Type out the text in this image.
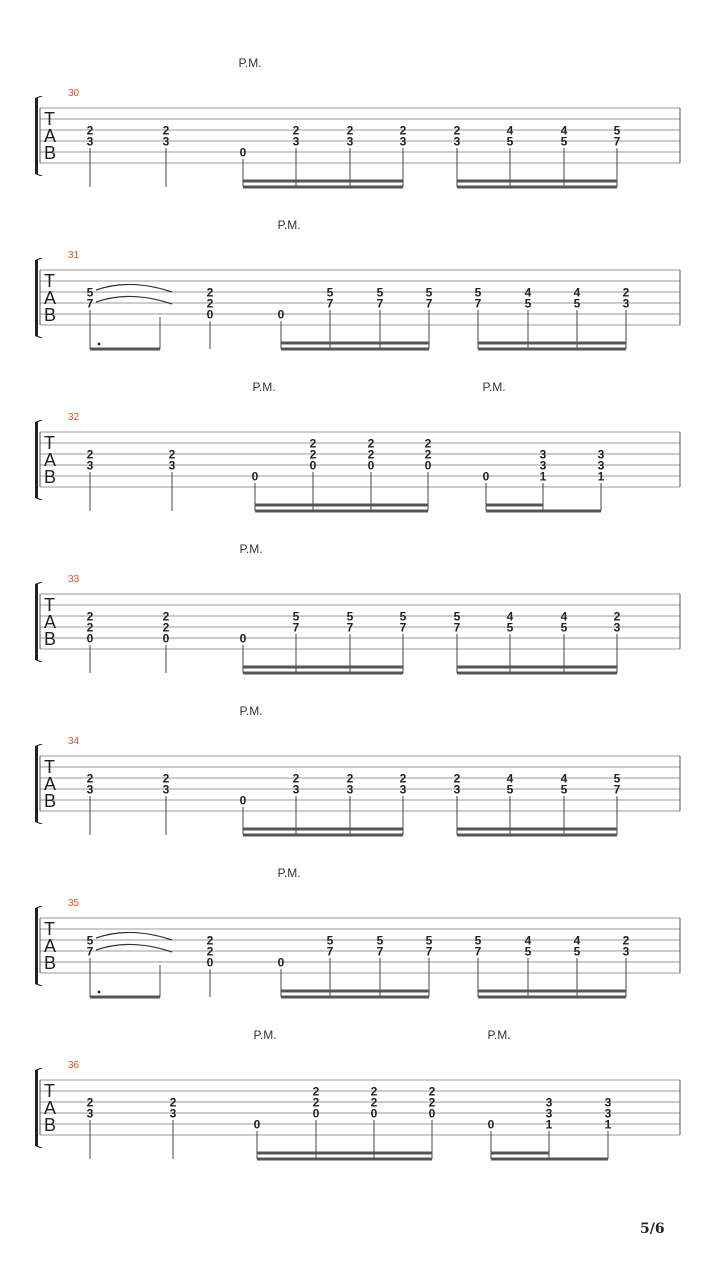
T
A
B
30
P.M.
2
3
2
3
0
2
3
2
3
2
3
2
3
4
5
4
5
5
7
T
A
B
31
P.M.
5
7
2
2
0	0
5
7
5
7
5
7
5
7
4
5
4
5
2
3
T
A
B
32
P.M.	P.M.
2
3
2
3
0
2
2
0
2
2
0
2
2
0
0
3
3
1
3
3
1
T
A
B
33
P.M.
2
2
0
2
2
0	0
5
7
5
7
5
7
5
7
4
5
4
5
2
3
T
A
B
34
P.M.
2
3
2
3
0
2
3
2
3
2
3
2
3
4
5
4
5
5
7
T
A
B
35
P.M.
5
7
2
2
0	0
5
7
5
7
5
7
5
7
4
5
4
5
2
3
T
A
B
36
P.M.	P.M.
2
3
2
3
0
2
2
0
2
2
0
2
2
0
0
3
3
1
3
3
1
5/6
